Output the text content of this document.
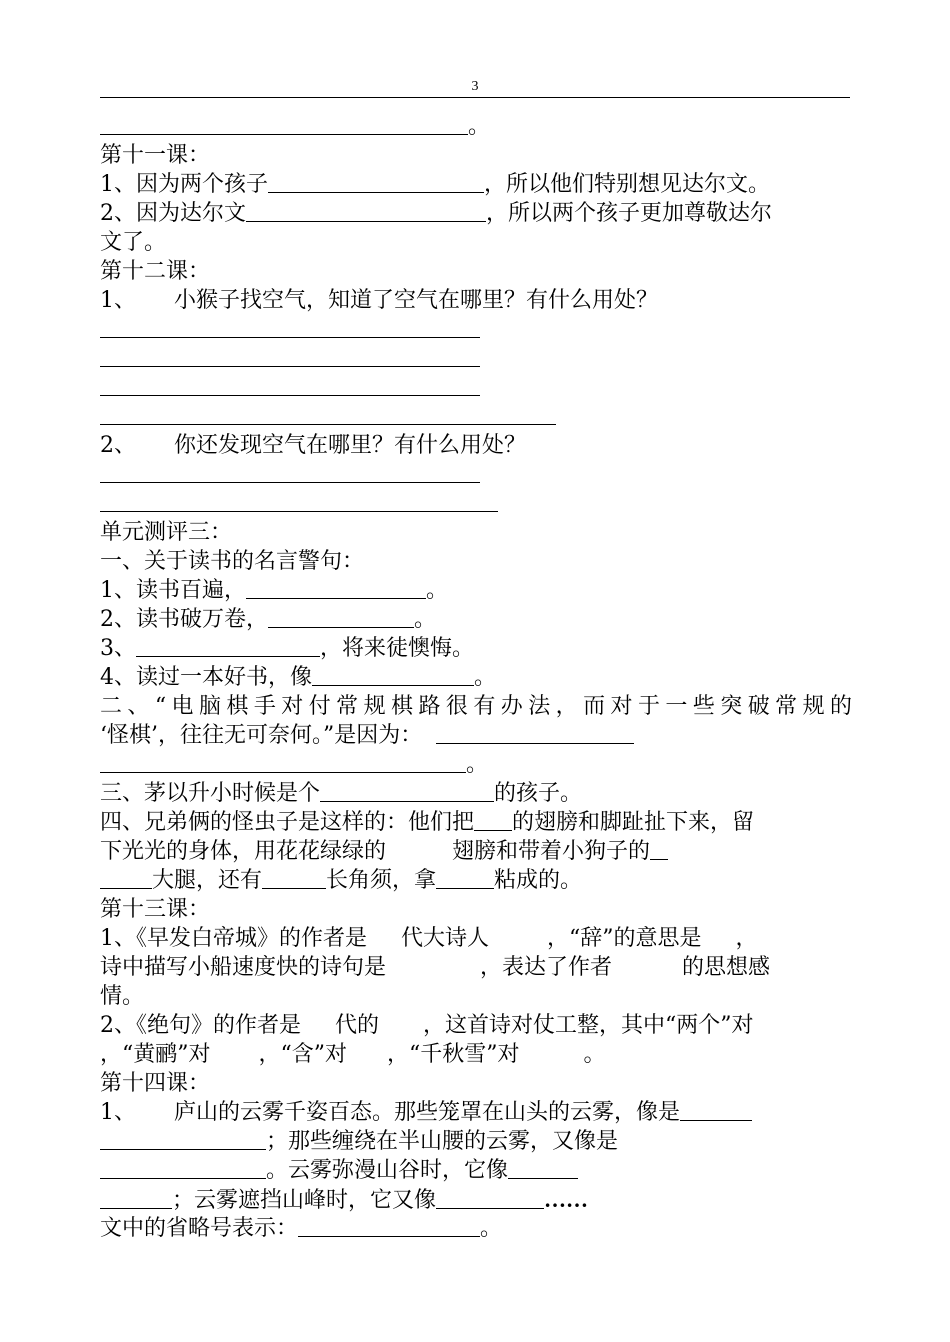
3
。
第十一课：
1、因为两个孩子	，所以他们特别想见达尔文。
2、因为达尔文	，所以两个孩子更加尊敬达尔
文了。
第十二课：
1、 小猴子找空气，知道了空气在哪里？有什么用处？
2、 你还发现空气在哪里？有什么用处？
单元测评三：
一、关于读书的名言警句：
1、读书百遍，	。
2、读书破万卷，	。
3、	，将来徒懊悔。
4、读过一本好书，像	。
二、“电脑棋手对付常规棋路很有办法，而对于一些突破常规的
‘怪棋’，往往无可奈何。”是因为：
。
三、茅以升小时候是个	的孩子。
四、兄弟俩的怪虫子是这样的：他们把 的翅膀和脚趾扯下来，留
下光光的身体，用花花绿绿的	翅膀和带着小狗子的
大腿，还有	长角须，拿	粘成的。
第十三课：
1、《早发白帝城》的作者是 代大诗人	，“辞”的意思是 ，
诗中描写小船速度快的诗句是	，表达了作者	的思想感
情。
2、《绝句》的作者是 代的 ，这首诗对仗工整，其中“两个”对
，“黄鹂”对 ，“含”对 ，“千秋雪”对	。
第十四课：
1、 庐山的云雾千姿百态。那些笼罩在山头的云雾，像是
；那些缠绕在半山腰的云雾，又像是
。云雾弥漫山谷时，它像
；云雾遮挡山峰时，它又像	……
文中的省略号表示：	。
